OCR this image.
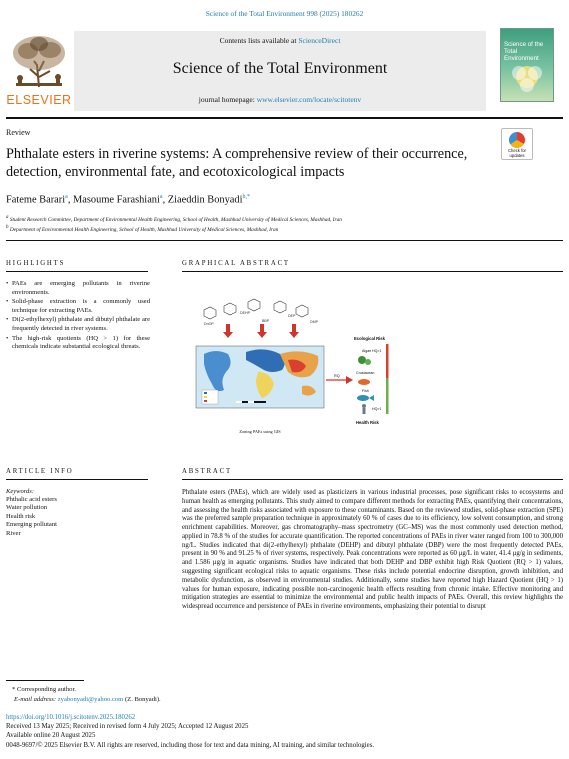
Science of the Total Environment 998 (2025) 180262
ELSEVIER
Contents lists available at ScienceDirect
Science of the Total Environment
journal homepage: www.elsevier.com/locate/scitotenv
Science of the Total Environment
Review
Phthalate esters in riverine systems: A comprehensive review of their occurrence, detection, environmental fate, and ecotoxicological impacts
Check for updates
Fateme Barari$^a$, Masoume Farashiani$^a$, Ziaeddin Bonyadi$^{b,*}$
$^a$ Student Research Committee, Department of Environmental Health Engineering, School of Health, Mashhad University of Medical Sciences, Mashhad, Iran
$^b$ Department of Environmental Health Engineering, School of Health, Mashhad University of Medical Sciences, Mashhad, Iran
HIGHLIGHTS
• PAEs are emerging pollutants in riverine environments.
• Solid-phase extraction is a commonly used technique for extracting PAEs.
• Di(2-ethylhexyl) phthalate and dibutyl phthalate are frequently detected in river systems.
• The high-risk quotients (HQ > 1) for these chemicals indicate substantial ecological threats.
GRAPHICAL ABSTRACT
DnOP
DEHP
BBP
DEP
DMP
RQ
Ecological Risk
HQ>1
HQ>1
Algae
Crustacean
Fish
Health Risk
Zoning PAEs using GIS
ARTICLE INFO
Keywords:
Phthalic acid esters
Water pollution
Health risk
Emerging pollutant
River
ABSTRACT
Phthalate esters (PAEs), which are widely used as plasticizers in various industrial processes, pose significant risks to ecosystems and human health as emerging pollutants. This study aimed to compare different methods for extracting PAEs, quantifying their concentrations, and assessing the health risks associated with exposure to these contaminants. Based on the reviewed studies, solid-phase extraction (SPE) was the preferred sample preparation technique in approximately 60 % of cases due to its efficiency, low solvent consumption, and strong enrichment capabilities. Moreover, gas chromatography–mass spectrometry (GC–MS) was the most commonly used detection method, applied in 78.8 % of the studies for accurate quantification. The reported concentrations of PAEs in river water ranged from 100 to 300,000 ng/L. Studies indicated that di(2-ethylhexyl) phthalate (DEHP) and dibutyl phthalate (DBP) were the most frequently detected PAEs, present in 90 % and 91.25 % of river systems, respectively. Peak concentrations were reported as 60 μg/L in water, 41.4 μg/g in sediments, and 1.586 μg/g in aquatic organisms. Studies have indicated that both DEHP and DBP exhibit high Risk Quotient (RQ > 1) values, suggesting significant ecological risks to aquatic organisms. These risks include potential endocrine disruption, growth inhibition, and metabolic dysfunction, as observed in environmental studies. Additionally, some studies have reported high Hazard Quotient (HQ > 1) values for human exposure, indicating possible non-carcinogenic health effects resulting from chronic intake. Effective monitoring and mitigation strategies are essential to minimize the environmental and public health impacts of PAEs. Overall, this review highlights the widespread occurrence and persistence of PAEs in riverine environments, emphasizing their potential to disrupt
* Corresponding author.
E-mail address: zyabonyadi@yahoo.com (Z. Bonyadi).
https://doi.org/10.1016/j.scitotenv.2025.180262
Received 13 May 2025; Received in revised form 4 July 2025; Accepted 12 August 2025
Available online 20 August 2025
0048-9697/© 2025 Elsevier B.V. All rights are reserved, including those for text and data mining, AI training, and similar technologies.
